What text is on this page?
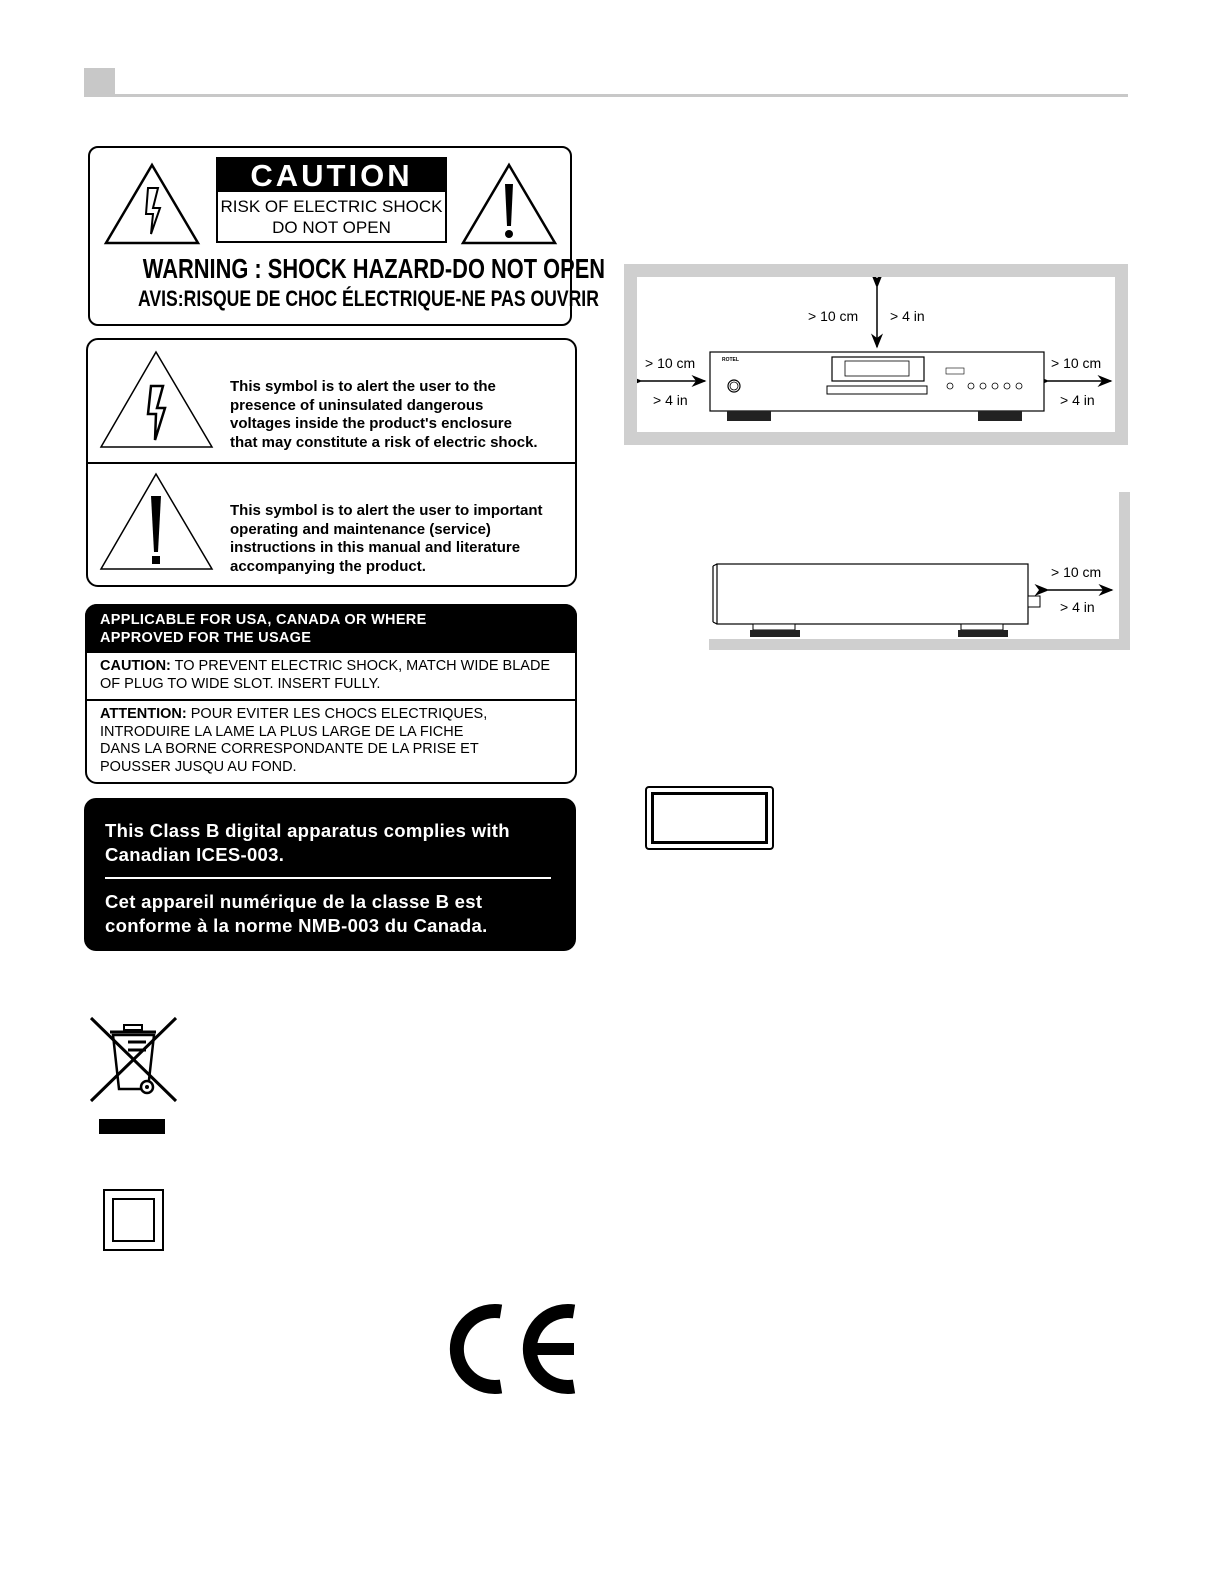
CAUTION
RISK OF ELECTRIC SHOCK
DO NOT OPEN
WARNING : SHOCK HAZARD-DO NOT OPEN
AVIS:RISQUE DE CHOC ÉLECTRIQUE-NE PAS OUVRIR
This symbol is to alert the user to the
presence of uninsulated dangerous
voltages inside the product's enclosure
that may constitute a risk of electric shock.
This symbol is to alert the user to important
operating and maintenance (service)
instructions in this manual and literature
accompanying the product.
APPLICABLE FOR USA, CANADA OR WHERE
APPROVED FOR THE USAGE
CAUTION: TO PREVENT ELECTRIC SHOCK, MATCH WIDE BLADE
OF PLUG TO WIDE SLOT. INSERT FULLY.
ATTENTION: POUR EVITER LES CHOCS ELECTRIQUES,
INTRODUIRE LA LAME LA PLUS LARGE DE LA FICHE
DANS LA BORNE CORRESPONDANTE DE LA PRISE ET
POUSSER JUSQU AU FOND.
This Class B digital apparatus complies with
Canadian ICES-003.
Cet appareil numérique de la classe B est
conforme à la norme NMB-003 du Canada.
ROTEL
> 10 cm > 4 in
> 10 cm
> 4 in
> 10 cm
> 4 in
> 10 cm
> 4 in
